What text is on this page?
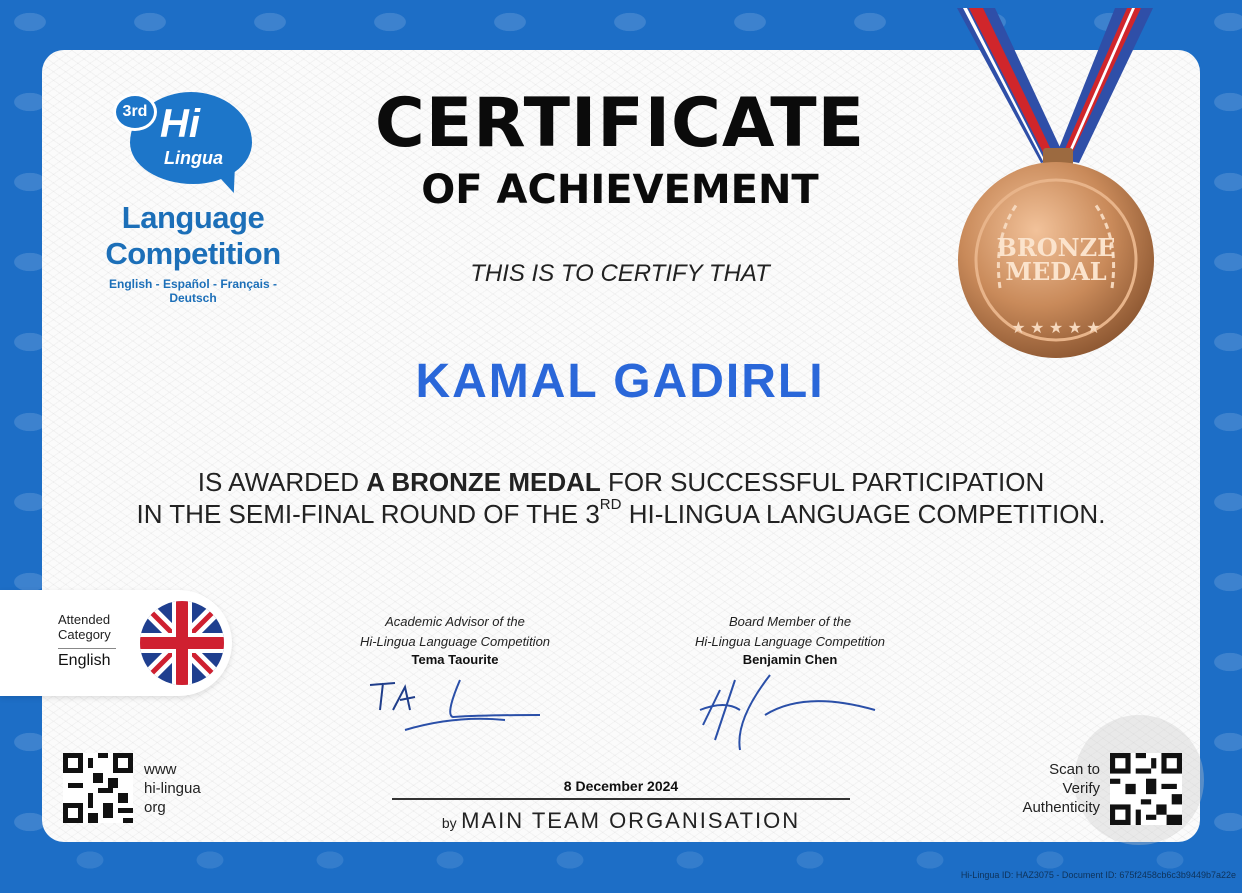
3rd Hi
Lingua
Language
Competition
English - Español - Français - Deutsch
CERTIFICATE
OF ACHIEVEMENT
THIS IS TO CERTIFY THAT
KAMAL GADIRLI
IS AWARDED A BRONZE MEDAL FOR SUCCESSFUL PARTICIPATION
IN THE SEMI-FINAL ROUND OF THE 3RD HI-LINGUA LANGUAGE COMPETITION.
BRONZE
MEDAL
★ ★ ★ ★ ★
Attended Category
English
Academic Advisor of the
Hi-Lingua Language Competition
Tema Taourite
Board Member of the
Hi-Lingua Language Competition
Benjamin Chen
8 December 2024
by MAIN TEAM ORGANISATION
www
hi-lingua
org
Scan to
Verify
Authenticity
Hi-Lingua ID: HAZ3075 - Document ID: 675f2458cb6c3b9449b7a22e
